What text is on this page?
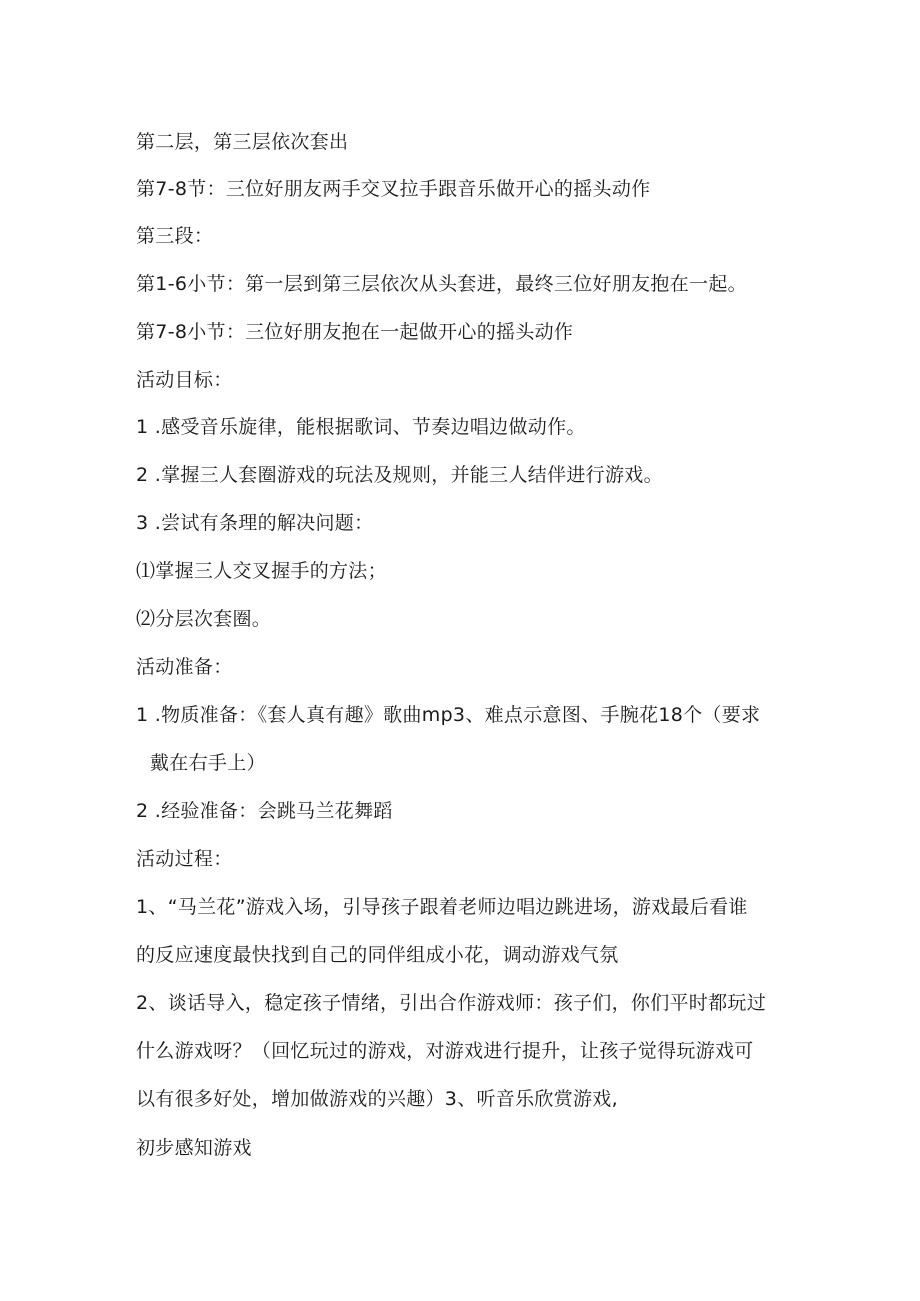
第二层，第三层依次套出
第7-8节：三位好朋友两手交叉拉手跟音乐做开心的摇头动作
第三段：
第1-6小节：第一层到第三层依次从头套进，最终三位好朋友抱在一起。
第7-8小节：三位好朋友抱在一起做开心的摇头动作
活动目标：
1 .感受音乐旋律，能根据歌词、节奏边唱边做动作。
2 .掌握三人套圈游戏的玩法及规则，并能三人结伴进行游戏。
3 .尝试有条理的解决问题：
⑴掌握三人交叉握手的方法；
⑵分层次套圈。
活动准备：
1 .物质准备：《套人真有趣》歌曲mp3、难点示意图、手腕花18个（要求
戴在右手上）
2 .经验准备：会跳马兰花舞蹈
活动过程：
1、“马兰花”游戏入场，引导孩子跟着老师边唱边跳进场，游戏最后看谁
的反应速度最快找到自己的同伴组成小花，调动游戏气氛
2、谈话导入，稳定孩子情绪，引出合作游戏师：孩子们，你们平时都玩过
什么游戏呀？（回忆玩过的游戏，对游戏进行提升，让孩子觉得玩游戏可
以有很多好处，增加做游戏的兴趣）3、听音乐欣赏游戏,
初步感知游戏
